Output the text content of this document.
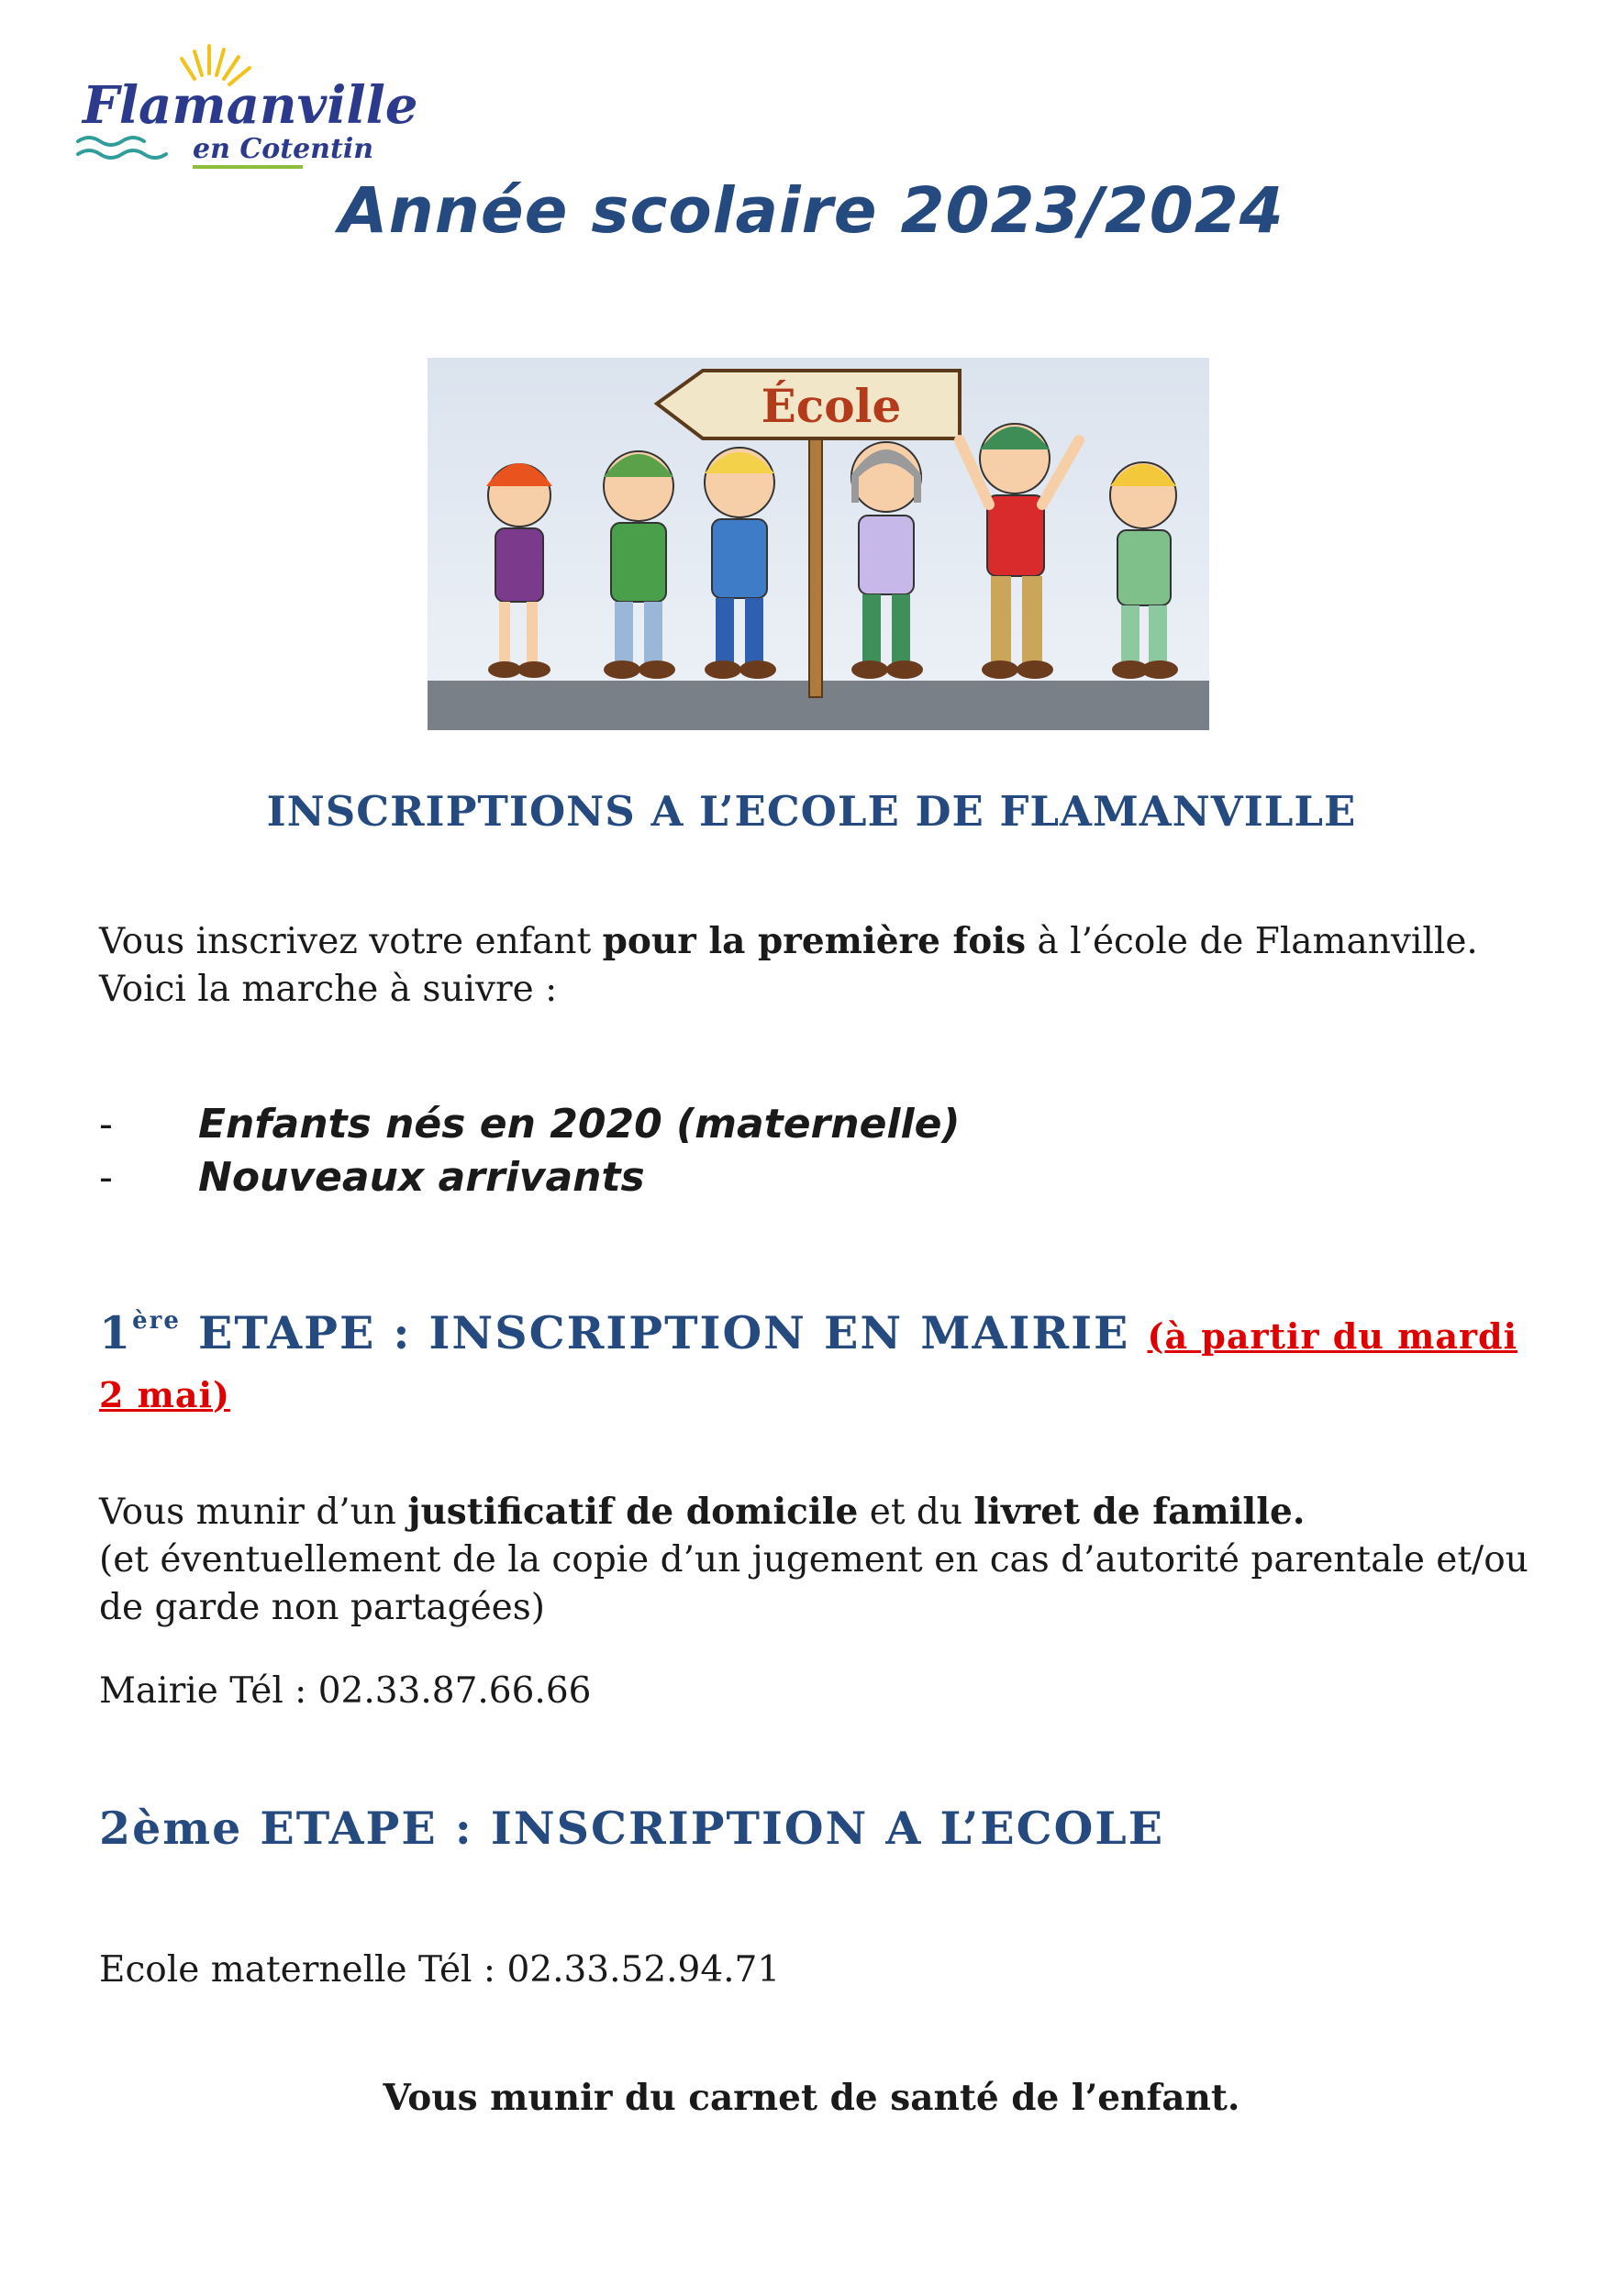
Flamanville
en Cotentin
Année scolaire 2023/2024
École
INSCRIPTIONS A L’ECOLE DE FLAMANVILLE
Vous inscrivez votre enfant pour la première fois à l’école de Flamanville.
Voici la marche à suivre :
- Enfants nés en 2020 (maternelle)
- Nouveaux arrivants
1ère ETAPE : INSCRIPTION EN MAIRIE (à partir du mardi 2 mai)
Vous munir d’un justificatif de domicile et du livret de famille.
(et éventuellement de la copie d’un jugement en cas d’autorité parentale et/ou de garde non partagées)
Mairie Tél : 02.33.87.66.66
2ème ETAPE : INSCRIPTION A L’ECOLE
Ecole maternelle Tél : 02.33.52.94.71
Vous munir du carnet de santé de l’enfant.
